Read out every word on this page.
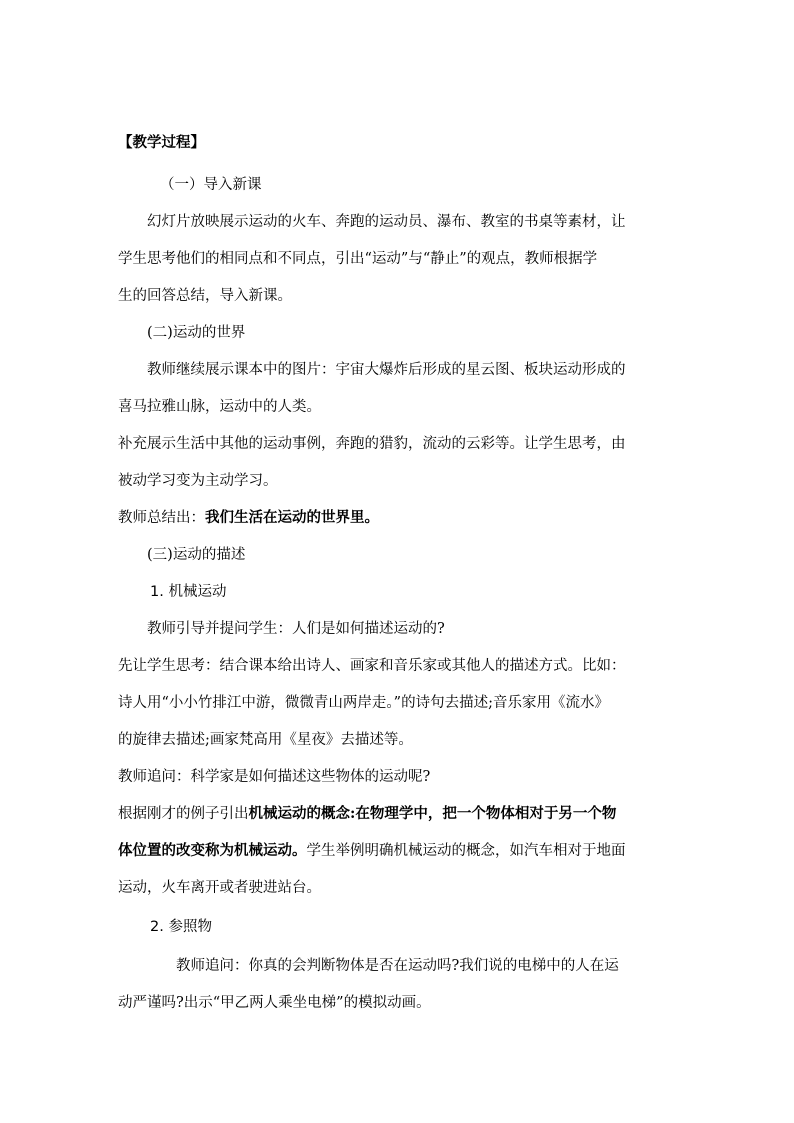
【教学过程】
（一）导入新课
幻灯片放映展示运动的火车、奔跑的运动员、瀑布、教室的书桌等素材，让
学生思考他们的相同点和不同点，引出“运动”与“静止”的观点，教师根据学
生的回答总结，导入新课。
(二)运动的世界
教师继续展示课本中的图片：宇宙大爆炸后形成的星云图、板块运动形成的
喜马拉雅山脉，运动中的人类。
补充展示生活中其他的运动事例，奔跑的猎豹，流动的云彩等。让学生思考，由
被动学习变为主动学习。
教师总结出：我们生活在运动的世界里。
(三)运动的描述
1. 机械运动
教师引导并提问学生：人们是如何描述运动的?
先让学生思考：结合课本给出诗人、画家和音乐家或其他人的描述方式。比如：
诗人用“小小竹排江中游，微微青山两岸走。”的诗句去描述;音乐家用《流水》
的旋律去描述;画家梵高用《星夜》去描述等。
教师追问：科学家是如何描述这些物体的运动呢?
根据刚才的例子引出机械运动的概念:在物理学中，把一个物体相对于另一个物
体位置的改变称为机械运动。学生举例明确机械运动的概念，如汽车相对于地面
运动，火车离开或者驶进站台。
2. 参照物
教师追问：你真的会判断物体是否在运动吗?我们说的电梯中的人在运
动严谨吗?出示“甲乙两人乘坐电梯”的模拟动画。
